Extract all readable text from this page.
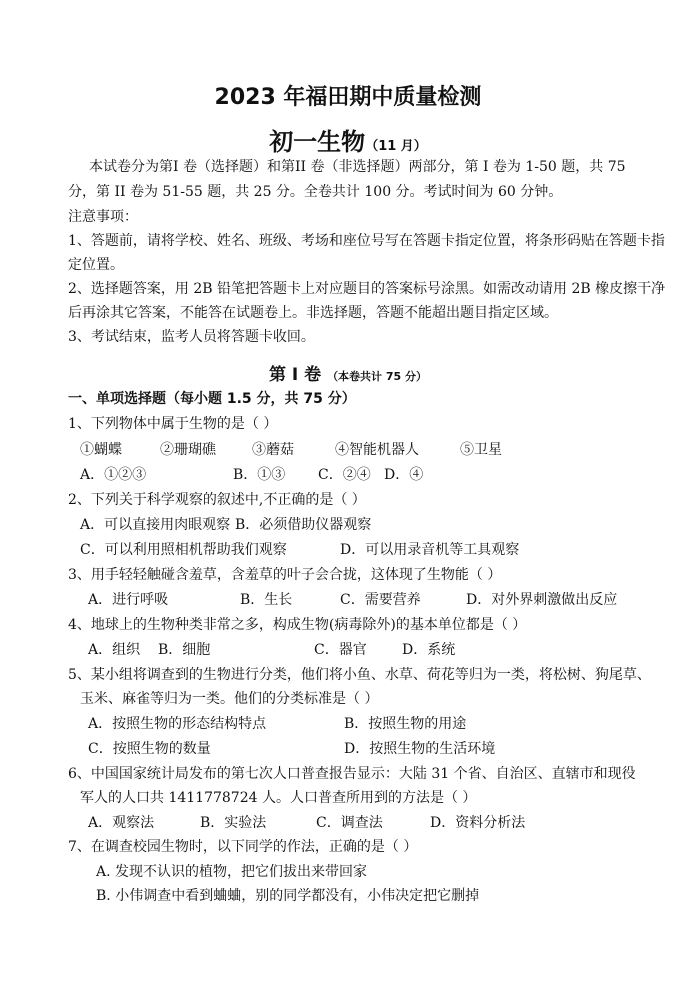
2023 年福田期中质量检测
初一生物（11 月）
本试卷分为第I 卷（选择题）和第II 卷（非选择题）两部分，第 I 卷为 1-50 题，共 75
分，第 II 卷为 51-55 题，共 25 分。全卷共计 100 分。考试时间为 60 分钟。
注意事项：
1、答题前，请将学校、姓名、班级、考场和座位号写在答题卡指定位置，将条形码贴在答题卡指
定位置。
2、选择题答案，用 2B 铅笔把答题卡上对应题目的答案标号涂黑。如需改动请用 2B 橡皮擦干净
后再涂其它答案，不能答在试题卷上。非选择题，答题不能超出题目指定区域。
3、考试结束，监考人员将答题卡收回。
第 I 卷 （本卷共计 75 分）
一、单项选择题（每小题 1.5 分，共 75 分）
1、下列物体中属于生物的是（ ）
①蝴蝶	②珊瑚礁	③蘑菇	④智能机器人	⑤卫星
A．①②③	B．①③ C．②④ D．④
2、下列关于科学观察的叙述中,不正确的是（ ）
A．可以直接用肉眼观察 B．必须借助仪器观察
C．可以利用照相机帮助我们观察	D．可以用录音机等工具观察
3、用手轻轻触碰含羞草，含羞草的叶子会合拢，这体现了生物能（ ）
A．进行呼吸	B．生长	C．需要营养	D．对外界刺激做出反应
4、地球上的生物种类非常之多，构成生物(病毒除外)的基本单位都是（ ）
A．组织 B．细胞	C．器官	D．系统
5、某小组将调查到的生物进行分类，他们将小鱼、水草、荷花等归为一类，将松树、狗尾草、
玉米、麻雀等归为一类。他们的分类标准是（ ）
A．按照生物的形态结构特点	B．按照生物的用途
C．按照生物的数量	D．按照生物的生活环境
6、中国国家统计局发布的第七次人口普查报告显示：大陆 31 个省、自治区、直辖市和现役
军人的人口共 1411778724 人。人口普查所用到的方法是（ ）
A．观察法	B．实验法	C．调查法	D．资料分析法
7、在调查校园生物时，以下同学的作法，正确的是（ ）
A. 发现不认识的植物，把它们拔出来带回家
B. 小伟调查中看到蛐蛐，别的同学都没有，小伟决定把它删掉
